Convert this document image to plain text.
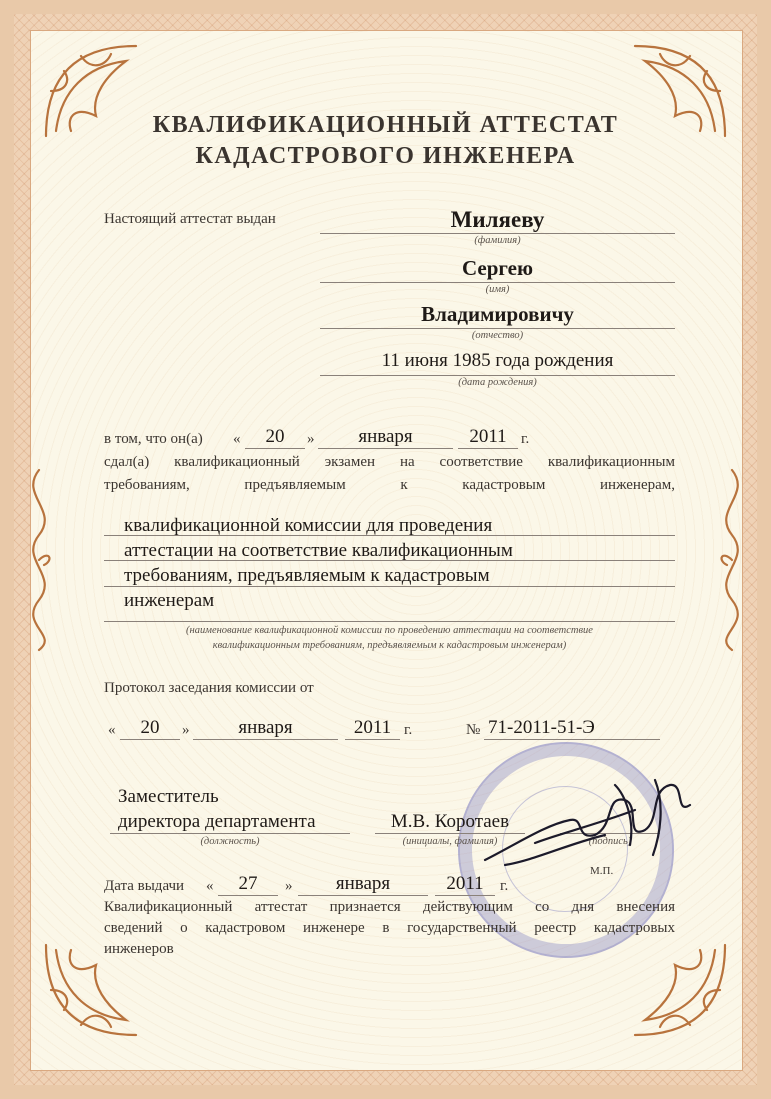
КВАЛИФИКАЦИОННЫЙ АТТЕСТАТ
КАДАСТРОВОГО ИНЖЕНЕРА
Настоящий аттестат выдан	Миляеву
(фамилия)
Сергею
(имя)
Владимировичу
(отчество)
11 июня 1985 года рождения
(дата рождения)
в том, что он(а) «	20	»	января	2011 г.
сдал(а) квалификационный экзамен на соответствие квалификационным
требованиям, предъявляемым к кадастровым инженерам,
квалификационной комиссии для проведения
аттестации на соответствие квалификационным
требованиям, предъявляемым к кадастровым
инженерам
(наименование квалификационной комиссии по проведению аттестации на соответствие
квалификационным требованиям, предъявляемым к кадастровым инженерам)
Протокол заседания комиссии от
«	20	»	января	2011 г.	№ 71-2011-51-Э
Заместитель
директора департамента
(должность)
М.В. Коротаев
(инициалы, фамилия)	(подпись)
М.П.
Дата выдачи «	27	»	января	2011	г.
Квалификационный аттестат признается действующим со дня внесения
сведений о кадастровом инженере в государственный реестр кадастровых
инженеров
